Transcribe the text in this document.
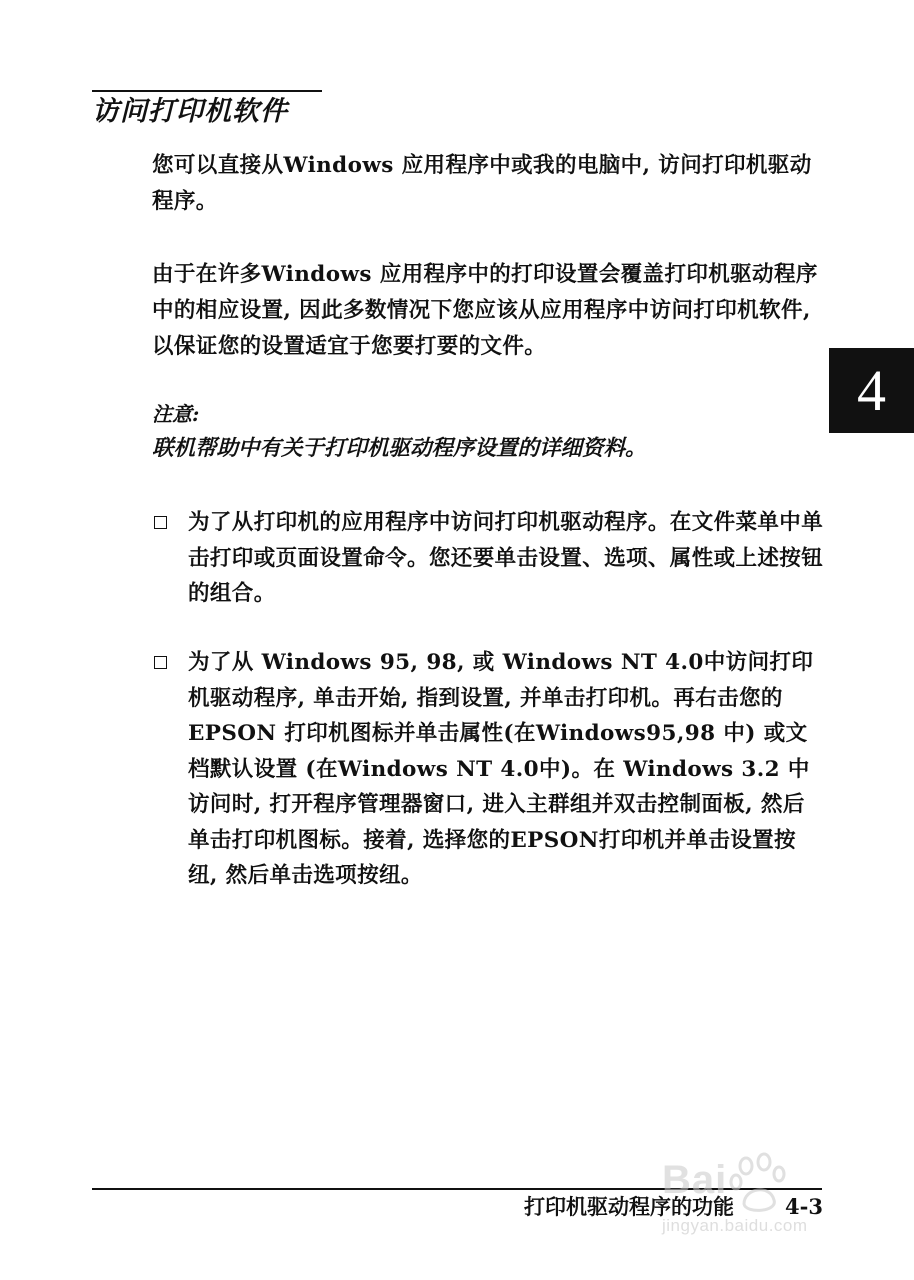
访问打印机软件

您可以直接从Windows 应用程序中或我的电脑中, 访问打印机驱动程序。

由于在许多Windows 应用程序中的打印设置会覆盖打印机驱动程序中的相应设置, 因此多数情况下您应该从应用程序中访问打印机软件, 以保证您的设置适宜于您要打要的文件。

注意:

联机帮助中有关于打印机驱动程序设置的详细资料。

为了从打印机的应用程序中访问打印机驱动程序。在文件菜单中单击打印或页面设置命令。您还要单击设置、选项、属性或上述按钮的组合。

为了从 Windows 95, 98, 或 Windows NT 4.0中访问打印机驱动程序, 单击开始, 指到设置, 并单击打印机。再右击您的 EPSON 打印机图标并单击属性(在Windows95,98 中) 或文档默认设置 (在Windows NT 4.0中)。在 Windows 3.2 中访问时, 打开程序管理器窗口, 进入主群组并双击控制面板, 然后单击打印机图标。接着, 选择您的EPSON打印机并单击设置按纽, 然后单击选项按纽。

4
打印机驱动程序的功能 4-3
Bai
jingyan.baidu.com
